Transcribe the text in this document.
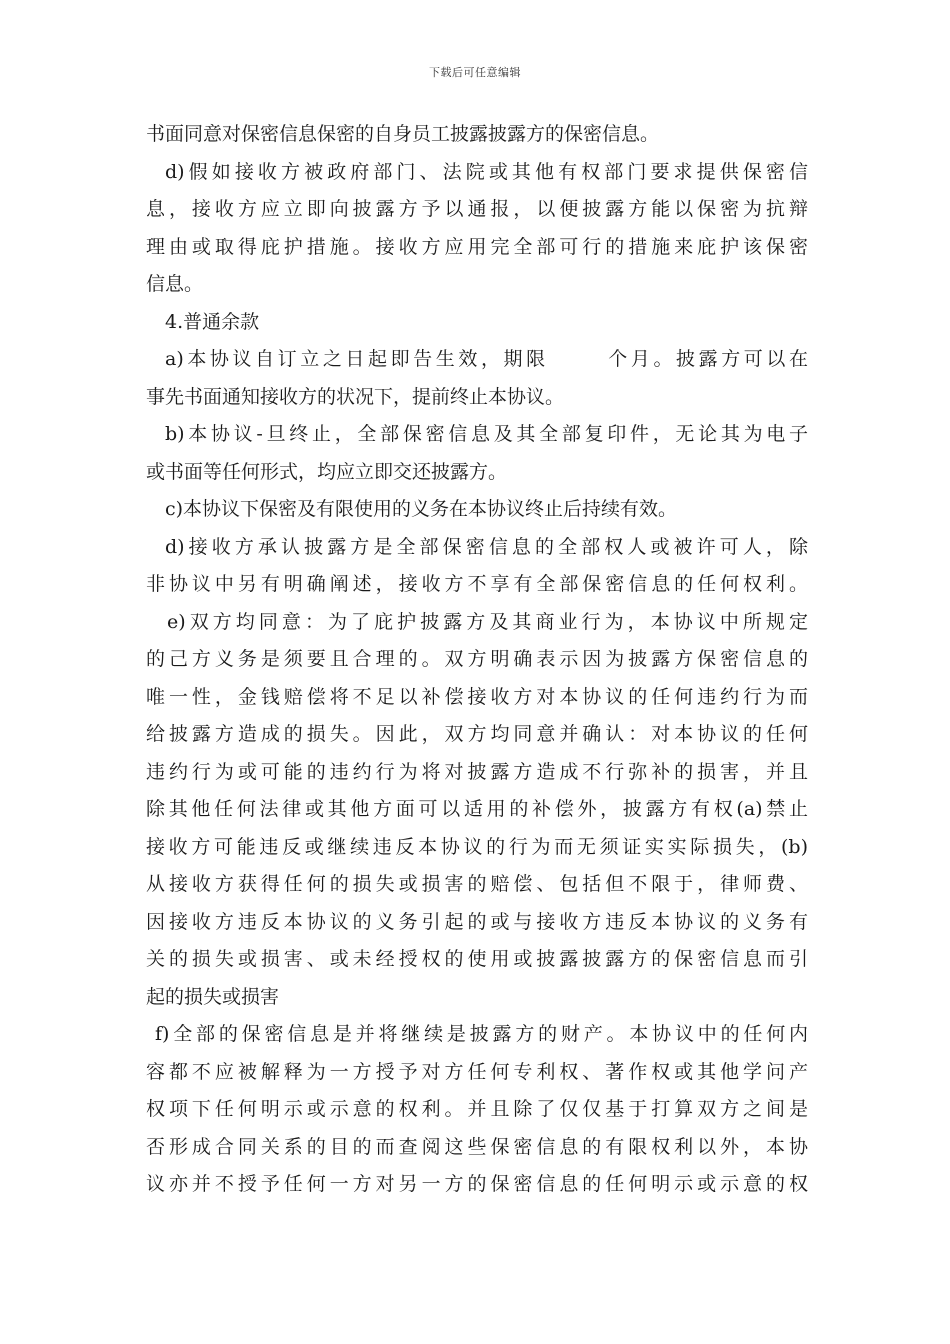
下载后可任意编辑
书面同意对保密信息保密的自身员工披露披露方的保密信息。
d)假如接收方被政府部门、法院或其他有权部门要求提供保密信
息，接收方应立即向披露方予以通报，以便披露方能以保密为抗辩
理由或取得庇护措施。接收方应用完全部可行的措施来庇护该保密
信息。
4.普通余款
a)本协议自订立之日起即告生效，期限	个月。披露方可以在
事先书面通知接收方的状况下，提前终止本协议。
b)本协议-旦终止，全部保密信息及其全部复印件，无论其为电子
或书面等任何形式，均应立即交还披露方。
c)本协议下保密及有限使用的义务在本协议终止后持续有效。
d)接收方承认披露方是全部保密信息的全部权人或被许可人，除
非协议中另有明确阐述，接收方不享有全部保密信息的任何权利。
e)双方均同意：为了庇护披露方及其商业行为，本协议中所规定
的己方义务是须要且合理的。双方明确表示因为披露方保密信息的
唯一性，金钱赔偿将不足以补偿接收方对本协议的任何违约行为而
给披露方造成的损失。因此，双方均同意并确认：对本协议的任何
违约行为或可能的违约行为将对披露方造成不行弥补的损害，并且
除其他任何法律或其他方面可以适用的补偿外，披露方有权(a)禁止
接收方可能违反或继续违反本协议的行为而无须证实实际损失，(b)
从接收方获得任何的损失或损害的赔偿、包括但不限于，律师费、
因接收方违反本协议的义务引起的或与接收方违反本协议的义务有
关的损失或损害、或未经授权的使用或披露披露方的保密信息而引
起的损失或损害
f)全部的保密信息是并将继续是披露方的财产。本协议中的任何内
容都不应被解释为一方授予对方任何专利权、著作权或其他学问产
权项下任何明示或示意的权利。并且除了仅仅基于打算双方之间是
否形成合同关系的目的而查阅这些保密信息的有限权利以外，本协
议亦并不授予任何一方对另一方的保密信息的任何明示或示意的权
